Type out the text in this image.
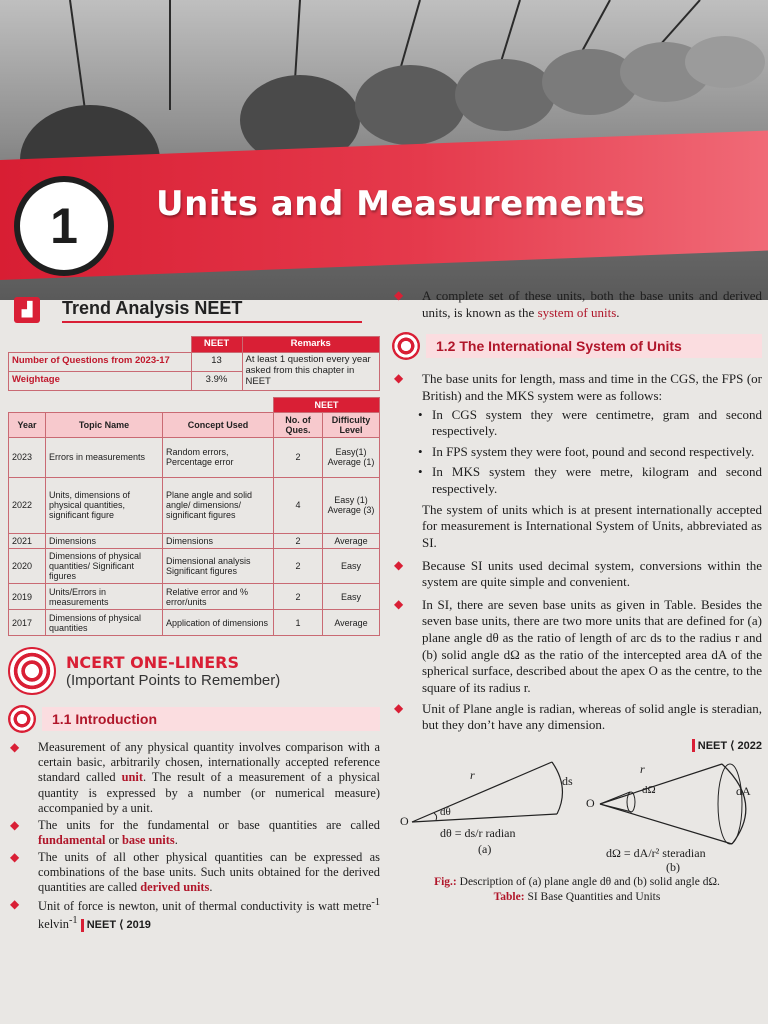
1	Units and Measurements
▟	Trend Analysis NEET
	NEET	Remarks
Number of Questions from 2023-17	13	At least 1 question every year asked from this chapter in NEET
Weightage	3.9%	
			NEET	
Year	Topic Name	Concept Used	No. of Ques.	Difficulty Level
2023	Errors in measurements	Random errors, Percentage error	2	Easy(1) Average (1)
2022	Units, dimensions of physical quantities, significant figure	Plane angle and solid angle/ dimensions/ significant figures	4	Easy (1) Average (3)
2021	Dimensions	Dimensions	2	Average
2020	Dimensions of physical quantities/ Significant figures	Dimensional analysis Significant figures	2	Easy
2019	Units/Errors in measurements	Relative error and % error/units	2	Easy
2017	Dimensions of physical quantities	Application of dimensions	1	Average
NCERT ONE-LINERS
(Important Points to Remember)
1.1 Introduction
◆ Measurement of any physical quantity involves comparison with a certain basic, arbitrarily chosen, internationally accepted reference standard called unit. The result of a measurement of a physical quantity is expressed by a number (or numerical measure) accompanied by a unit.
◆ The units for the fundamental or base quantities are called fundamental or base units.
◆ The units of all other physical quantities can be expressed as combinations of the base units. Such units obtained for the derived quantities are called derived units.
◆ Unit of force is newton, unit of thermal conductivity is watt metre$^{-1}$ kelvin$^{-1}$ NEET ⟨ 2019
◆ A complete set of these units, both the base units and derived units, is known as the system of units.
1.2 The International System of Units
◆ The base units for length, mass and time in the CGS, the FPS (or British) and the MKS system were as follows:
• In CGS system they were centimetre, gram and second respectively.
• In FPS system they were foot, pound and second respectively.
• In MKS system they were metre, kilogram and second respectively.
The system of units which is at present internationally accepted for measurement is International System of Units, abbreviated as SI.
◆ Because SI units used decimal system, conversions within the system are quite simple and convenient.
◆ In SI, there are seven base units as given in Table. Besides the seven base units, there are two more units that are defined for (a) plane angle dθ as the ratio of length of arc ds to the radius r and (b) solid angle dΩ as the ratio of the intercepted area dA of the spherical surface, described about the apex O as the centre, to the square of its radius r.
◆ Unit of Plane angle is radian, whereas of solid angle is steradian, but they don’t have any dimension.
NEET ⟨ 2022
r	ds
O
dθ
dθ = ds/r radian
(a)
r
O
dΩ	dA
dΩ = dA/r² steradian
(b)
Fig.: Description of (a) plane angle dθ and (b) solid angle dΩ.
Table: SI Base Quantities and Units
